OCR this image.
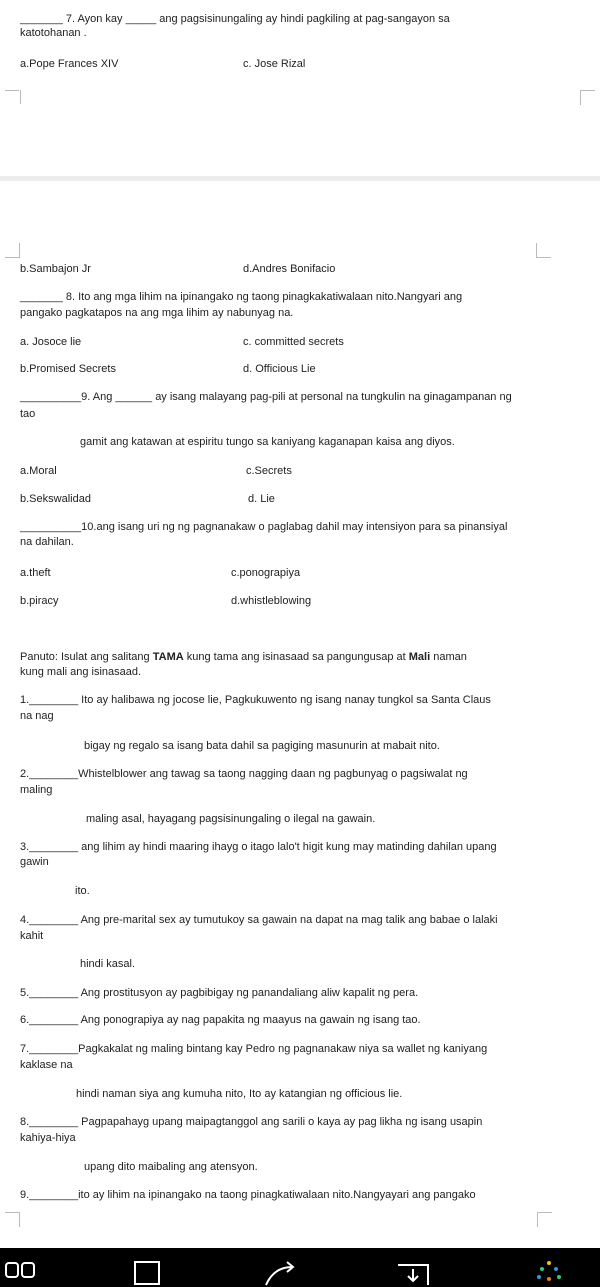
_______ 7. Ayon kay _____ ang pagsisinungaling ay hindi pagkiling at pag-sangayon sa
katotohanan .
a.Pope Frances XIV	c. Jose Rizal
b.Sambajon Jr	d.Andres Bonifacio
_______ 8. Ito ang mga lihim na ipinangako ng taong pinagkakatiwalaan nito.Nangyari ang
pangako pagkatapos na ang mga lihim ay nabunyag na.
a. Josoce lie	c. committed secrets
b.Promised Secrets	d. Officious Lie
__________9. Ang ______ ay isang malayang pag-pili at personal na tungkulin na ginagampanan ng
tao
gamit ang katawan at espiritu tungo sa kaniyang kaganapan kaisa ang diyos.
a.Moral	c.Secrets
b.Sekswalidad	d. Lie
__________10.ang isang uri ng ng pagnanakaw o paglabag dahil may intensiyon para sa pinansiyal
na dahilan.
a.theft	c.ponograpiya
b.piracy	d.whistleblowing
Panuto: Isulat ang salitang TAMA kung tama ang isinasaad sa pangungusap at Mali naman
kung mali ang isinasaad.
1.________ Ito ay halibawa ng jocose lie, Pagkukuwento ng isang nanay tungkol sa Santa Claus
na nag
bigay ng regalo sa isang bata dahil sa pagiging masunurin at mabait nito.
2.________Whistelblower ang tawag sa taong nagging daan ng pagbunyag o pagsiwalat ng
maling
maling asal, hayagang pagsisinungaling o ilegal na gawain.
3.________ ang lihim ay hindi maaring ihayg o itago lalo't higit kung may matinding dahilan upang
gawin
ito.
4.________ Ang pre-marital sex ay tumutukoy sa gawain na dapat na mag talik ang babae o lalaki
kahit
hindi kasal.
5.________ Ang prostitusyon ay pagbibigay ng panandaliang aliw kapalit ng pera.
6.________ Ang ponograpiya ay nag papakita ng maayus na gawain ng isang tao.
7.________Pagkakalat ng maling bintang kay Pedro ng pagnanakaw niya sa wallet ng kaniyang
kaklase na
hindi naman siya ang kumuha nito, Ito ay katangian ng officious lie.
8.________ Pagpapahayg upang maipagtanggol ang sarili o kaya ay pag likha ng isang usapin
kahiya-hiya
upang dito maibaling ang atensyon.
9.________ito ay lihim na ipinangako na taong pinagkatiwalaan nito.Nangyayari ang pangako
